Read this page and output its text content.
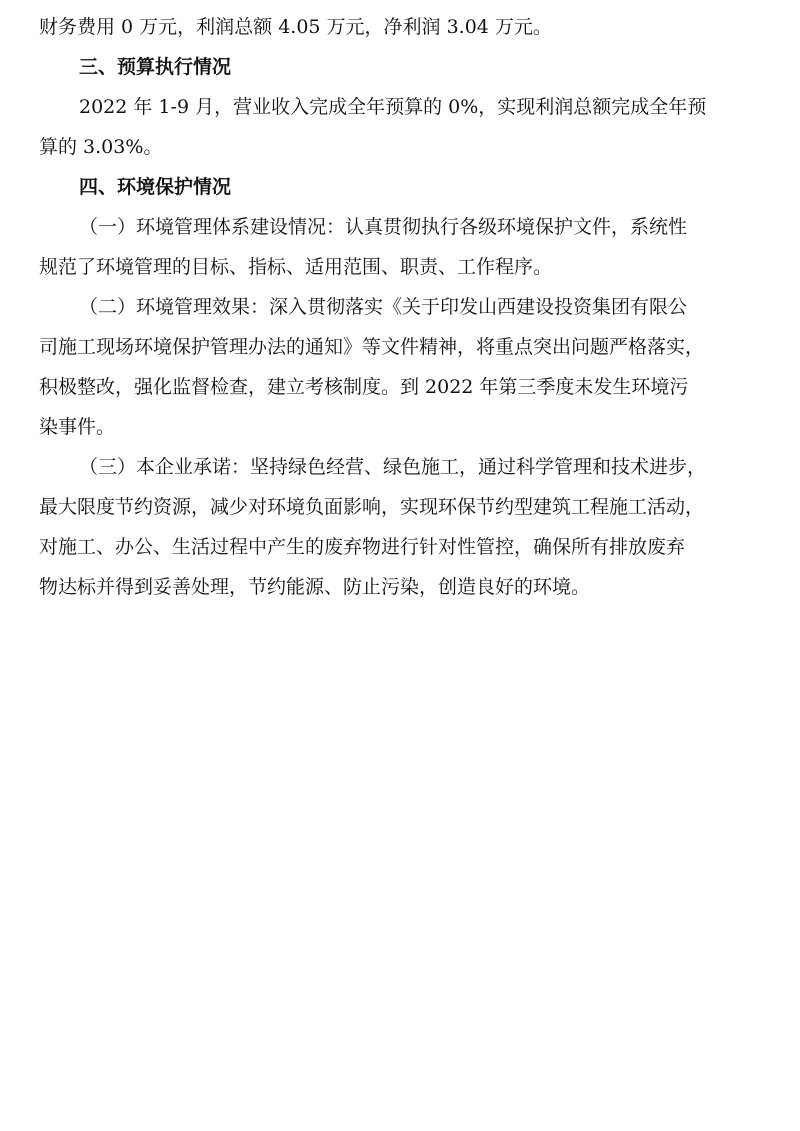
财务费用 0 万元，利润总额 4.05 万元，净利润 3.04 万元。
三、预算执行情况
2022 年 1-9 月，营业收入完成全年预算的 0%，实现利润总额完成全年预
算的 3.03%。
四、环境保护情况
（一）环境管理体系建设情况：认真贯彻执行各级环境保护文件，系统性
规范了环境管理的目标、指标、适用范围、职责、工作程序。
（二）环境管理效果：深入贯彻落实《关于印发山西建设投资集团有限公
司施工现场环境保护管理办法的通知》等文件精神，将重点突出问题严格落实，
积极整改，强化监督检查，建立考核制度。到 2022 年第三季度未发生环境污
染事件。
（三）本企业承诺：坚持绿色经营、绿色施工，通过科学管理和技术进步，
最大限度节约资源，减少对环境负面影响，实现环保节约型建筑工程施工活动，
对施工、办公、生活过程中产生的废弃物进行针对性管控，确保所有排放废弃
物达标并得到妥善处理，节约能源、防止污染，创造良好的环境。
